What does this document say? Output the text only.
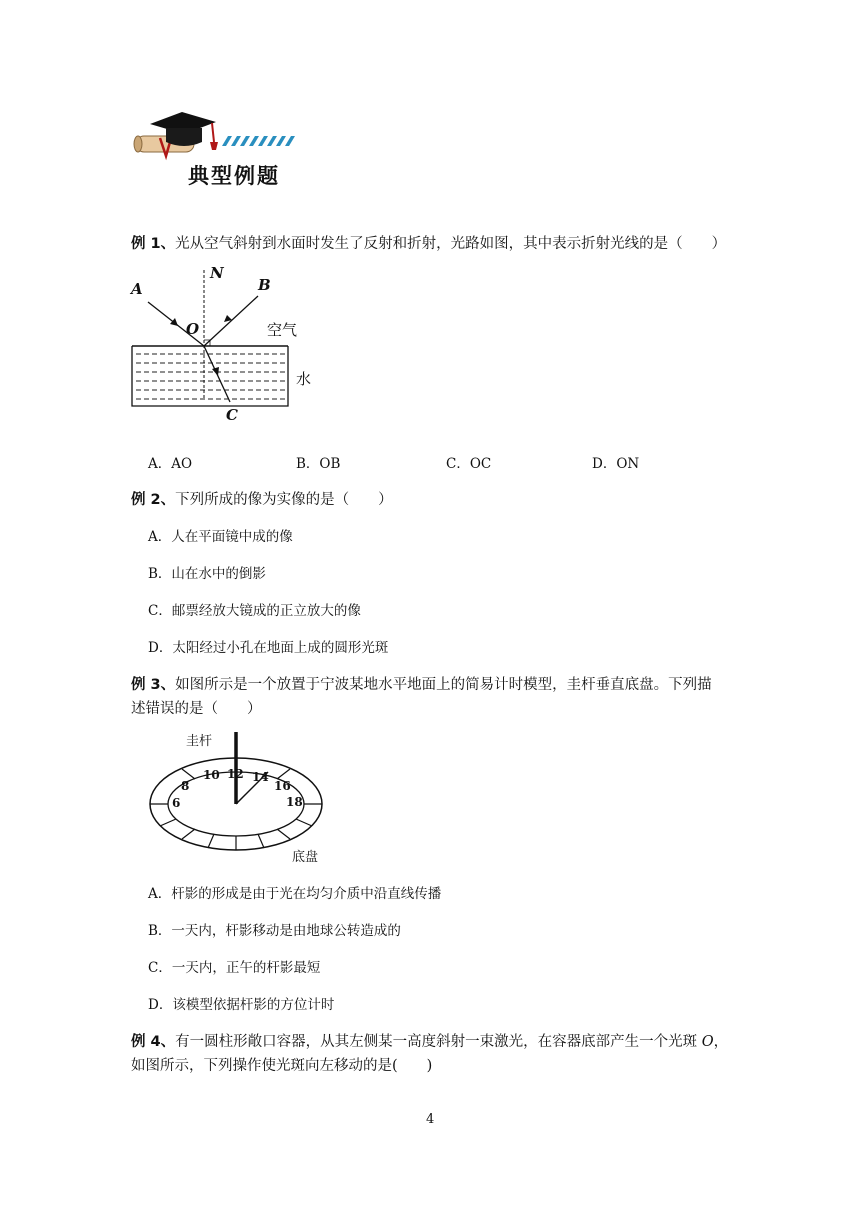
典型例题
例 1、光从空气斜射到水面时发生了反射和折射，光路如图，其中表示折射光线的是（　　）
A
N
B
O
C
空气
水
A．AO	B．OB	C．OC	D．ON
例 2、下列所成的像为实像的是（　　）
A．人在平面镜中成的像
B．山在水中的倒影
C．邮票经放大镜成的正立放大的像
D．太阳经过小孔在地面上成的圆形光斑
例 3、如图所示是一个放置于宁波某地水平地面上的简易计时模型，圭杆垂直底盘。下列描
述错误的是（　　）
圭杆
底盘
6
8
10 12 14
16
18
A．杆影的形成是由于光在均匀介质中沿直线传播
B．一天内，杆影移动是由地球公转造成的
C．一天内，正午的杆影最短
D．该模型依据杆影的方位计时
例 4、有一圆柱形敞口容器，从其左侧某一高度斜射一束激光，在容器底部产生一个光斑 O，
如图所示，下列操作使光斑向左移动的是(　　)
4
